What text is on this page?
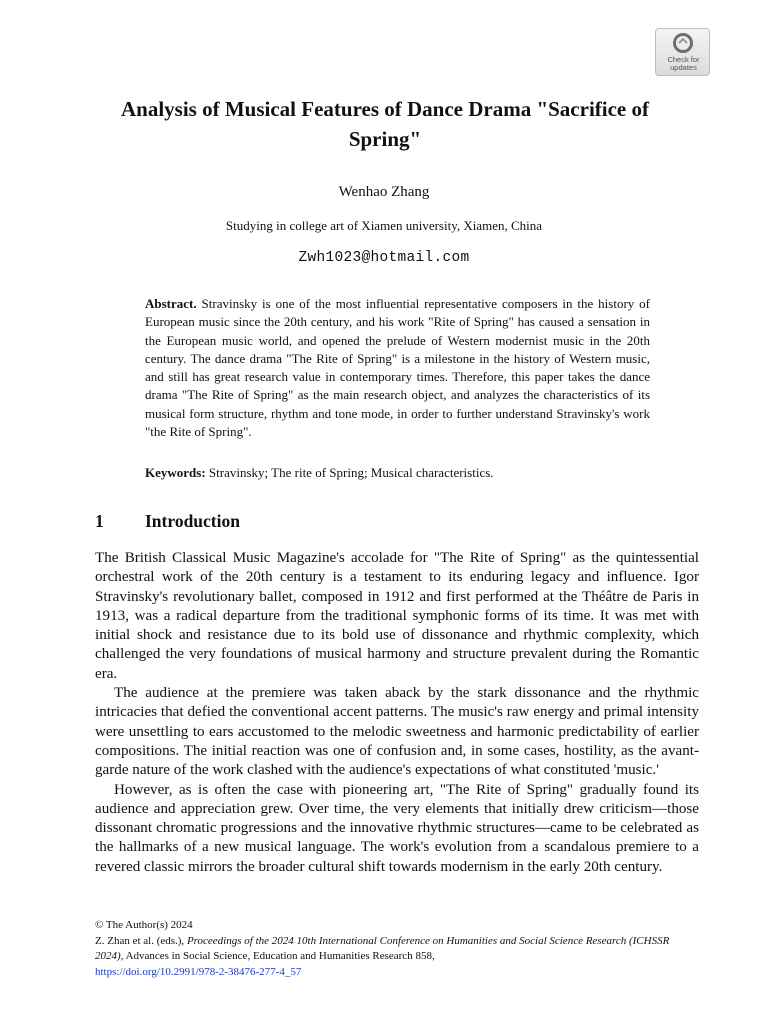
Check for
updates
Analysis of Musical Features of Dance Drama "Sacrifice of Spring"
Wenhao Zhang
Studying in college art of Xiamen university, Xiamen, China
Zwh1023@hotmail.com
Abstract. Stravinsky is one of the most influential representative composers in the history of European music since the 20th century, and his work "Rite of Spring" has caused a sensation in the European music world, and opened the prelude of Western modernist music in the 20th century. The dance drama "The Rite of Spring" is a milestone in the history of Western music, and still has great research value in contemporary times. Therefore, this paper takes the dance drama "The Rite of Spring" as the main research object, and analyzes the characteristics of its musical form structure, rhythm and tone mode, in order to further understand Stravinsky's work "the Rite of Spring".
Keywords: Stravinsky; The rite of Spring; Musical characteristics.
1 Introduction

The British Classical Music Magazine's accolade for "The Rite of Spring" as the quintessential orchestral work of the 20th century is a testament to its enduring legacy and influence. Igor Stravinsky's revolutionary ballet, composed in 1912 and first performed at the Théâtre de Paris in 1913, was a radical departure from the traditional symphonic forms of its time. It was met with initial shock and resistance due to its bold use of dissonance and rhythmic complexity, which challenged the very foundations of musical harmony and structure prevalent during the Romantic era.

The audience at the premiere was taken aback by the stark dissonance and the rhythmic intricacies that defied the conventional accent patterns. The music's raw energy and primal intensity were unsettling to ears accustomed to the melodic sweetness and harmonic predictability of earlier compositions. The initial reaction was one of confusion and, in some cases, hostility, as the avant-garde nature of the work clashed with the audience's expectations of what constituted 'music.'

However, as is often the case with pioneering art, "The Rite of Spring" gradually found its audience and appreciation grew. Over time, the very elements that initially drew criticism—those dissonant chromatic progressions and the innovative rhythmic structures—came to be celebrated as the hallmarks of a new musical language. The work's evolution from a scandalous premiere to a revered classic mirrors the broader cultural shift towards modernism in the early 20th century.

© The Author(s) 2024
Z. Zhan et al. (eds.), Proceedings of the 2024 10th International Conference on Humanities and Social Science Research (ICHSSR 2024), Advances in Social Science, Education and Humanities Research 858,
https://doi.org/10.2991/978-2-38476-277-4_57
